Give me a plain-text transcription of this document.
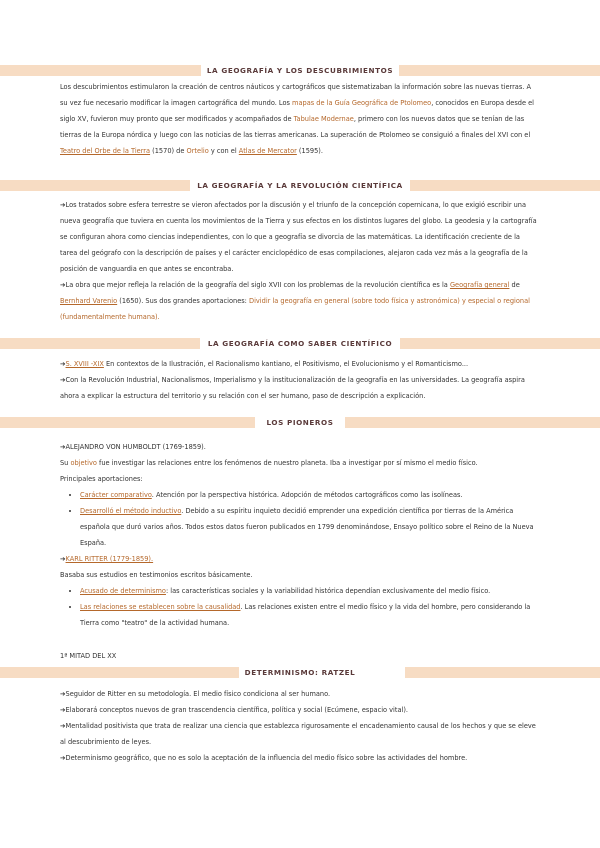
LA GEOGRAFÍA Y LOS DESCUBRIMIENTOS

Los descubrimientos estimularon la creación de centros náuticos y cartográficos que sistematizaban la información sobre las nuevas tierras. A su vez fue necesario modificar la imagen cartográfica del mundo. Los mapas de la Guía Geográfica de Ptolomeo, conocidos en Europa desde el siglo XV, fuvieron muy pronto que ser modificados y acompañados de Tabulae Modernae, primero con los nuevos datos que se tenían de las tierras de la Europa nórdica y luego con las noticias de las tierras americanas. La superación de Ptolomeo se consiguió a finales del XVI con el Teatro del Orbe de la Tierra (1570) de Ortelio y con el Atlas de Mercator (1595).

LA GEOGRAFÍA Y LA REVOLUCIÓN CIENTÍFICA

➔Los tratados sobre esfera terrestre se vieron afectados por la discusión y el triunfo de la concepción copernicana, lo que exigió escribir una nueva geografía que tuviera en cuenta los movimientos de la Tierra y sus efectos en los distintos lugares del globo. La geodesia y la cartografía se configuran ahora como ciencias independientes, con lo que a geografía se divorcia de las matemáticas. La identificación creciente de la tarea del geógrafo con la descripción de países y el carácter enciclopédico de esas compilaciones, alejaron cada vez más a la geografía de la posición de vanguardia en que antes se encontraba.

➔La obra que mejor refleja la relación de la geografía del siglo XVII con los problemas de la revolución científica es la Geografía general de Bernhard Varenio (1650). Sus dos grandes aportaciones: Dividir la geografía en general (sobre todo física y astronómica) y especial o regional (fundamentalmente humana).

LA GEOGRAFÍA COMO SABER CIENTÍFICO

➔S. XVIII -XIX En contextos de la Ilustración, el Racionalismo kantiano, el Positivismo, el Evolucionismo y el Romanticismo...

➔Con la Revolución Industrial, Nacionalismos, Imperialismo y la institucionalización de la geografía en las universidades. La geografía aspira ahora a explicar la estructura del territorio y su relación con el ser humano, paso de descripción a explicación.

LOS PIONEROS

➔ALEJANDRO VON HUMBOLDT (1769-1859).

Su objetivo fue investigar las relaciones entre los fenómenos de nuestro planeta. Iba a investigar por sí mismo el medio físico.

Principales aportaciones:

• Carácter comparativo. Atención por la perspectiva histórica. Adopción de métodos cartográficos como las isolíneas.
• Desarrolló el método inductivo. Debido a su espíritu inquieto decidió emprender una expedición científica por tierras de la América española que duró varios años. Todos estos datos fueron publicados en 1799 denominándose, Ensayo político sobre el Reino de la Nueva España.

➔KARL RITTER (1779-1859).

Basaba sus estudios en testimonios escritos básicamente.

• Acusado de determinismo: las características sociales y la variabilidad histórica dependían exclusivamente del medio físico.
• Las relaciones se establecen sobre la causalidad. Las relaciones existen entre el medio físico y la vida del hombre, pero considerando la Tierra como "teatro" de la actividad humana.

1ª MITAD DEL XX

DETERMINISMO: RATZEL

➔Seguidor de Ritter en su metodología. El medio físico condiciona al ser humano.

➔Elaborará conceptos nuevos de gran trascendencia científica, política y social (Ecúmene, espacio vital).

➔Mentalidad positivista que trata de realizar una ciencia que establezca rigurosamente el encadenamiento causal de los hechos y que se eleve al descubrimiento de leyes.

➔Determinismo geográfico, que no es solo la aceptación de la influencia del medio físico sobre las actividades del hombre.
